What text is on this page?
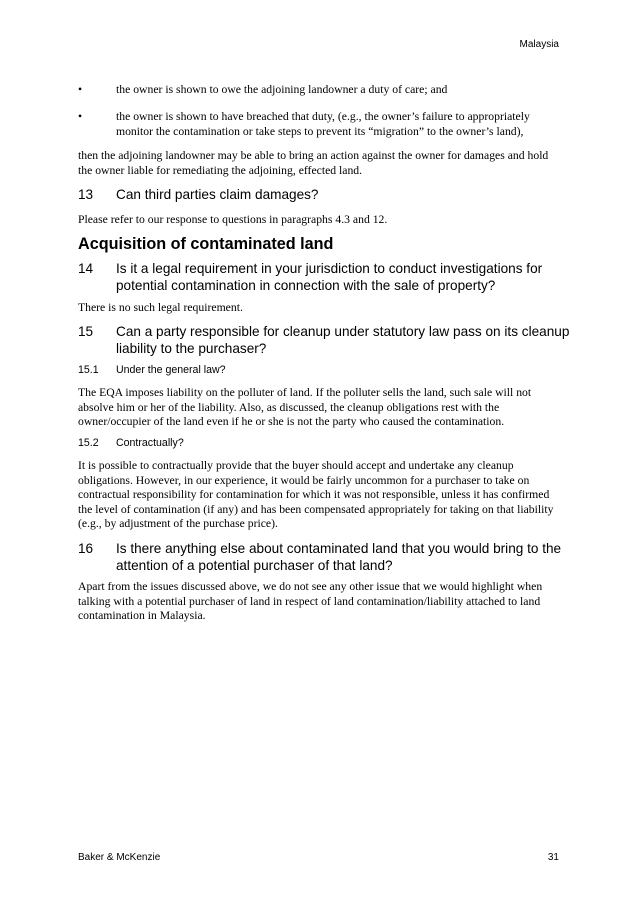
Malaysia
•	the owner is shown to owe the adjoining landowner a duty of care; and
•	the owner is shown to have breached that duty, (e.g., the owner’s failure to appropriately
monitor the contamination or take steps to prevent its “migration” to the owner’s land),
then the adjoining landowner may be able to bring an action against the owner for damages and hold
the owner liable for remediating the adjoining, effected land.
13 Can third parties claim damages?
Please refer to our response to questions in paragraphs 4.3 and 12.
Acquisition of contaminated land
14 Is it a legal requirement in your jurisdiction to conduct investigations for
potential contamination in connection with the sale of property?
There is no such legal requirement.
15 Can a party responsible for cleanup under statutory law pass on its cleanup
liability to the purchaser?
15.1 Under the general law?
The EQA imposes liability on the polluter of land. If the polluter sells the land, such sale will not
absolve him or her of the liability. Also, as discussed, the cleanup obligations rest with the
owner/occupier of the land even if he or she is not the party who caused the contamination.
15.2 Contractually?
It is possible to contractually provide that the buyer should accept and undertake any cleanup
obligations. However, in our experience, it would be fairly uncommon for a purchaser to take on
contractual responsibility for contamination for which it was not responsible, unless it has confirmed
the level of contamination (if any) and has been compensated appropriately for taking on that liability
(e.g., by adjustment of the purchase price).
16 Is there anything else about contaminated land that you would bring to the
attention of a potential purchaser of that land?
Apart from the issues discussed above, we do not see any other issue that we would highlight when
talking with a potential purchaser of land in respect of land contamination/liability attached to land
contamination in Malaysia.
Baker & McKenzie	31
